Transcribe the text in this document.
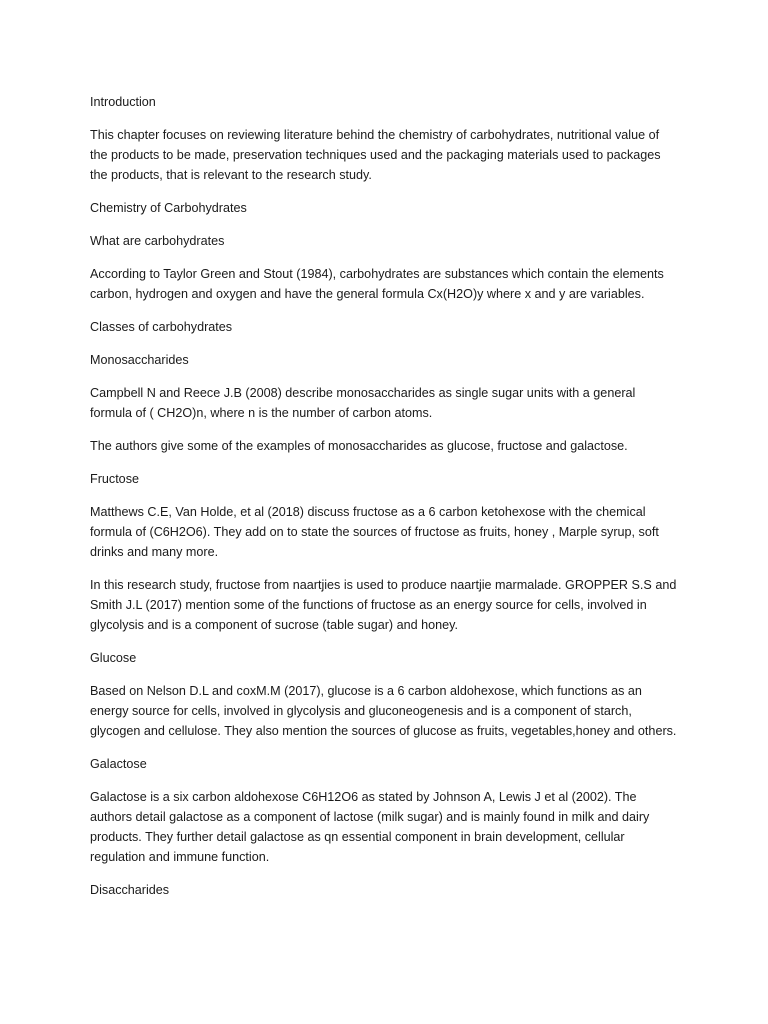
Introduction

This chapter focuses on reviewing literature behind the chemistry of carbohydrates, nutritional value of the products to be made, preservation techniques used and the packaging materials used to packages the products, that is relevant to the research study.

Chemistry of Carbohydrates

What are carbohydrates

According to Taylor Green and Stout (1984), carbohydrates are substances which contain the elements carbon, hydrogen and oxygen and have the general formula Cx(H2O)y where x and y are variables.

Classes of carbohydrates

Monosaccharides

Campbell N and Reece J.B (2008) describe monosaccharides as single sugar units with a general formula of ( CH2O)n, where n is the number of carbon atoms.

The authors give some of the examples of monosaccharides as glucose, fructose and galactose.

Fructose

Matthews C.E, Van Holde, et al (2018) discuss fructose as a 6 carbon ketohexose with the chemical formula of (C6H2O6). They add on to state the sources of fructose as fruits, honey , Marple syrup, soft drinks and many more.

In this research study, fructose from naartjies is used to produce naartjie marmalade. GROPPER S.S and Smith J.L (2017) mention some of the functions of fructose as an energy source for cells, involved in glycolysis and is a component of sucrose (table sugar) and honey.

Glucose

Based on Nelson D.L and coxM.M (2017), glucose is a 6 carbon aldohexose, which functions as an energy source for cells, involved in glycolysis and gluconeogenesis and is a component of starch, glycogen and cellulose. They also mention the sources of glucose as fruits, vegetables,honey and others.

Galactose

Galactose is a six carbon aldohexose C6H12O6 as stated by Johnson A, Lewis J et al (2002). The authors detail galactose as a component of lactose (milk sugar) and is mainly found in milk and dairy products. They further detail galactose as qn essential component in brain development, cellular regulation and immune function.

Disaccharides
